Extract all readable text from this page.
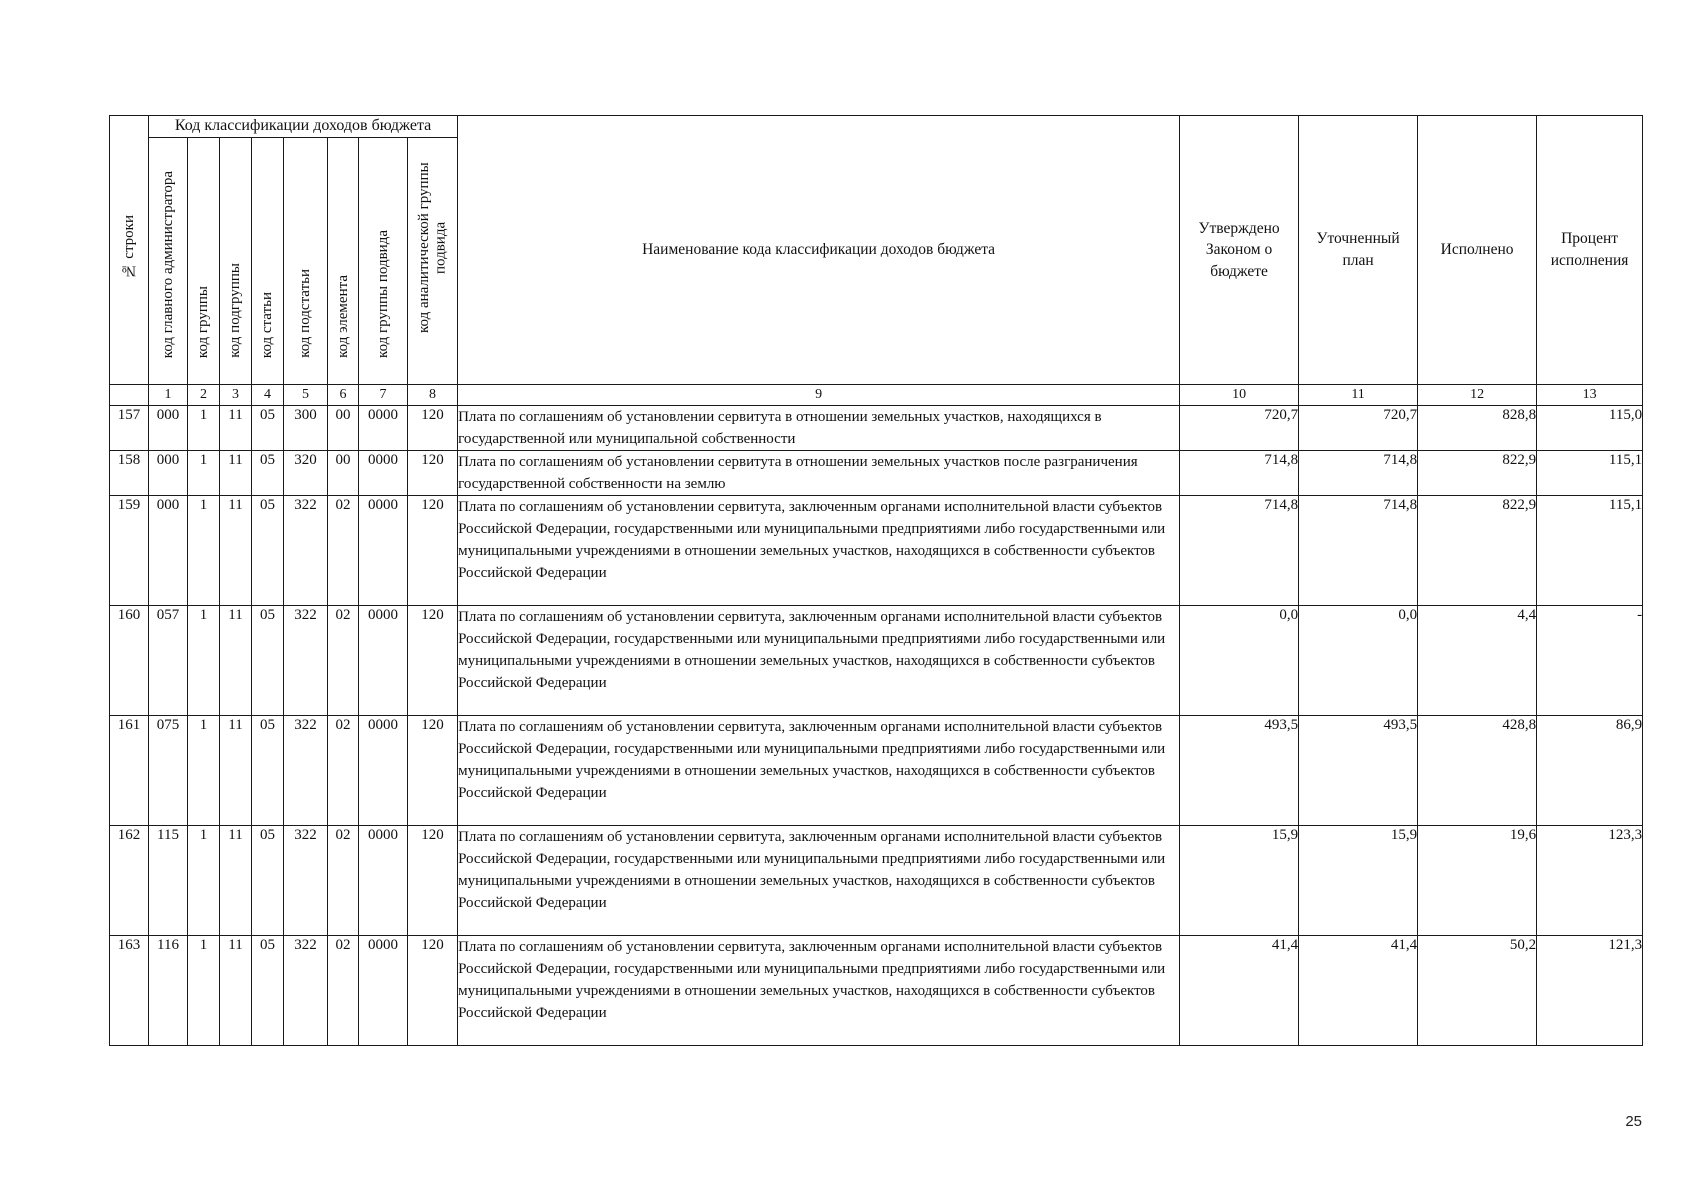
№ строки	Код классификации доходов бюджета								Наименование кода классификации доходов бюджета	Утверждено Законом о бюджете	Уточненный план	Исполнено	Процент исполнения
	код главного администратора	код группы	код подгруппы	код статьи	код подстатьи	код элемента	код группы подвида	код аналитической группы подвида					
	1	2	3	4	5	6	7	8	9	10	11	12	13
157	000	1	11	05	300	00	0000	120	Плата по соглашениям об установлении сервитута в отношении земельных участков, находящихся в государственной или муниципальной собственности	720,7	720,7	828,8	115,0
158	000	1	11	05	320	00	0000	120	Плата по соглашениям об установлении сервитута в отношении земельных участков после разграничения государственной собственности на землю	714,8	714,8	822,9	115,1
159	000	1	11	05	322	02	0000	120	Плата по соглашениям об установлении сервитута, заключенным органами исполнительной власти субъектов Российской Федерации, государственными или муниципальными предприятиями либо государственными или муниципальными учреждениями в отношении земельных участков, находящихся в собственности субъектов Российской Федерации	714,8	714,8	822,9	115,1
160	057	1	11	05	322	02	0000	120	Плата по соглашениям об установлении сервитута, заключенным органами исполнительной власти субъектов Российской Федерации, государственными или муниципальными предприятиями либо государственными или муниципальными учреждениями в отношении земельных участков, находящихся в собственности субъектов Российской Федерации	0,0	0,0	4,4	-
161	075	1	11	05	322	02	0000	120	Плата по соглашениям об установлении сервитута, заключенным органами исполнительной власти субъектов Российской Федерации, государственными или муниципальными предприятиями либо государственными или муниципальными учреждениями в отношении земельных участков, находящихся в собственности субъектов Российской Федерации	493,5	493,5	428,8	86,9
162	115	1	11	05	322	02	0000	120	Плата по соглашениям об установлении сервитута, заключенным органами исполнительной власти субъектов Российской Федерации, государственными или муниципальными предприятиями либо государственными или муниципальными учреждениями в отношении земельных участков, находящихся в собственности субъектов Российской Федерации	15,9	15,9	19,6	123,3
163	116	1	11	05	322	02	0000	120	Плата по соглашениям об установлении сервитута, заключенным органами исполнительной власти субъектов Российской Федерации, государственными или муниципальными предприятиями либо государственными или муниципальными учреждениями в отношении земельных участков, находящихся в собственности субъектов Российской Федерации	41,4	41,4	50,2	121,3
25
